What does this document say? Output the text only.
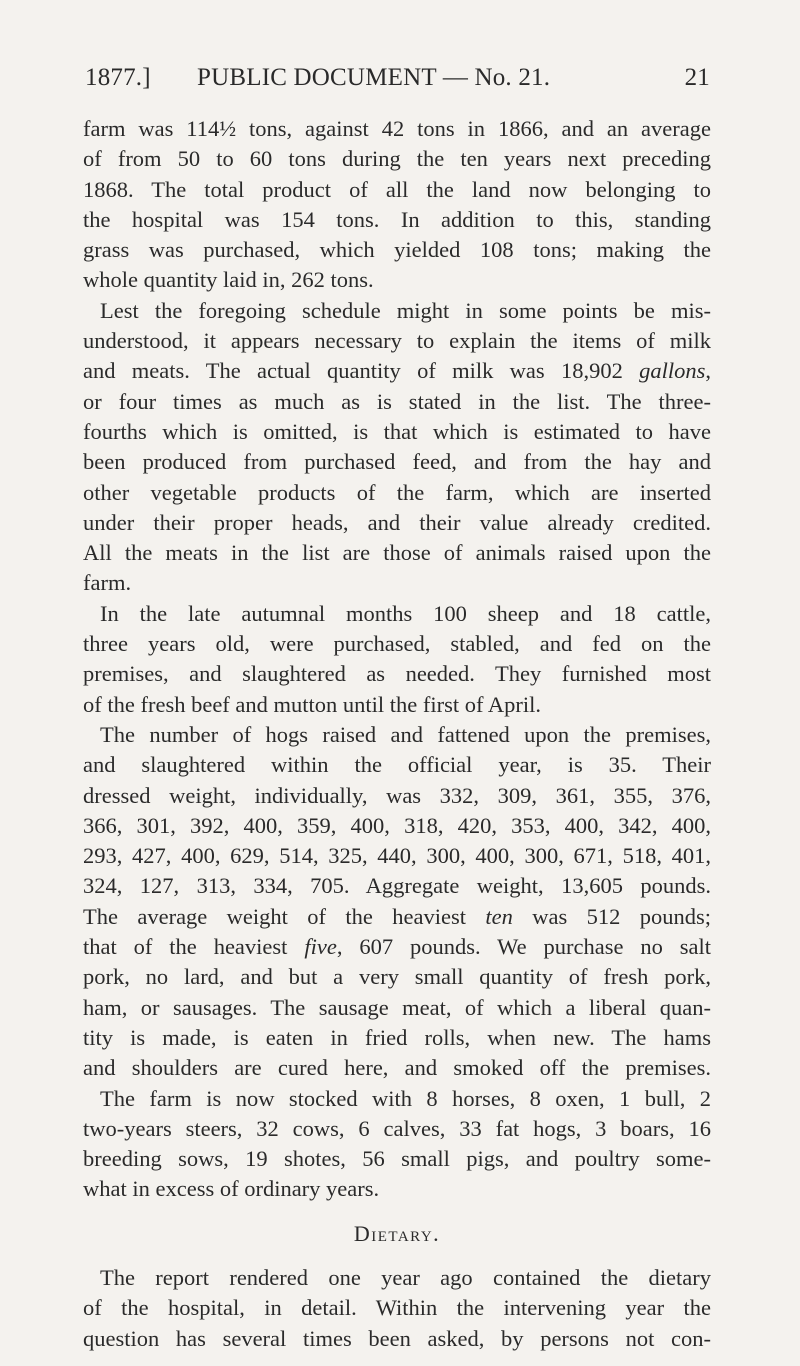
1877.] PUBLIC DOCUMENT — No. 21.	21
farm was 114½ tons, against 42 tons in 1866, and an average
of from 50 to 60 tons during the ten years next preceding
1868. The total product of all the land now belonging to
the hospital was 154 tons. In addition to this, standing
grass was purchased, which yielded 108 tons; making the
whole quantity laid in, 262 tons.
Lest the foregoing schedule might in some points be mis-
understood, it appears necessary to explain the items of milk
and meats. The actual quantity of milk was 18,902 gallons,
or four times as much as is stated in the list. The three-
fourths which is omitted, is that which is estimated to have
been produced from purchased feed, and from the hay and
other vegetable products of the farm, which are inserted
under their proper heads, and their value already credited.
All the meats in the list are those of animals raised upon the
farm.
In the late autumnal months 100 sheep and 18 cattle,
three years old, were purchased, stabled, and fed on the
premises, and slaughtered as needed. They furnished most
of the fresh beef and mutton until the first of April.
The number of hogs raised and fattened upon the premises,
and slaughtered within the official year, is 35. Their
dressed weight, individually, was 332, 309, 361, 355, 376,
366, 301, 392, 400, 359, 400, 318, 420, 353, 400, 342, 400,
293, 427, 400, 629, 514, 325, 440, 300, 400, 300, 671, 518, 401,
324, 127, 313, 334, 705. Aggregate weight, 13,605 pounds.
The average weight of the heaviest ten was 512 pounds;
that of the heaviest five, 607 pounds. We purchase no salt
pork, no lard, and but a very small quantity of fresh pork,
ham, or sausages. The sausage meat, of which a liberal quan-
tity is made, is eaten in fried rolls, when new. The hams
and shoulders are cured here, and smoked off the premises.
The farm is now stocked with 8 horses, 8 oxen, 1 bull, 2
two-years steers, 32 cows, 6 calves, 33 fat hogs, 3 boars, 16
breeding sows, 19 shotes, 56 small pigs, and poultry some-
what in excess of ordinary years.
Dietary.
The report rendered one year ago contained the dietary
of the hospital, in detail. Within the intervening year the
question has several times been asked, by persons not con-
